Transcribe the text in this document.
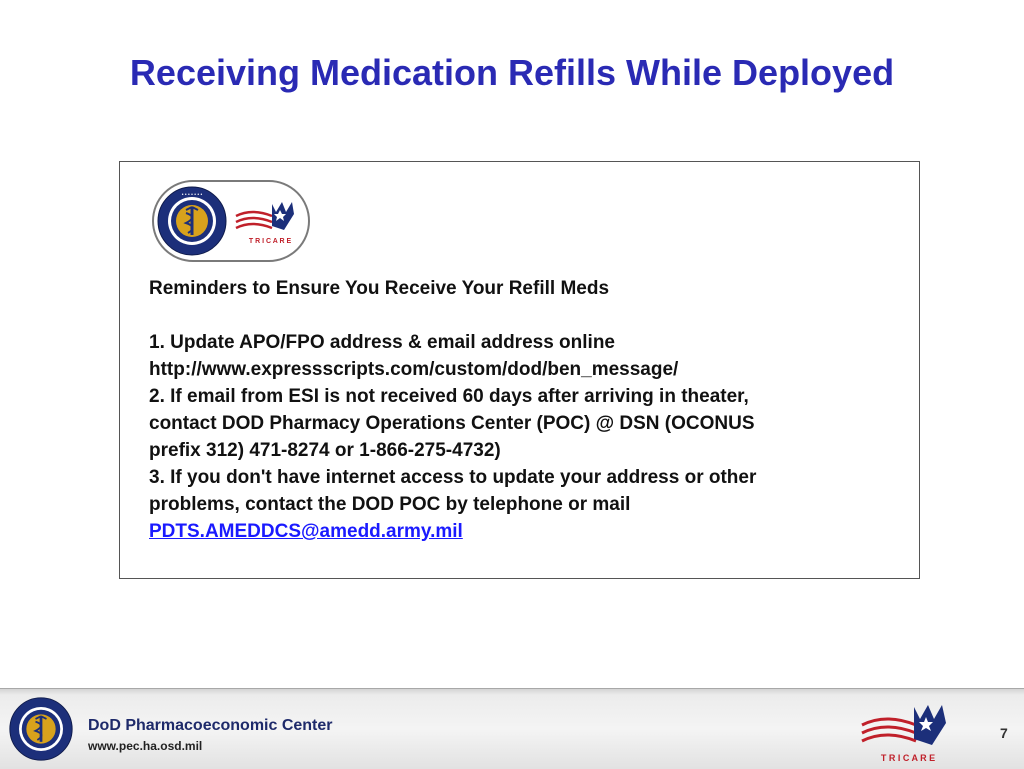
Receiving Medication Refills While Deployed
• • • • • • •
T R I C A R E
Reminders to Ensure You Receive Your Refill Meds
1. Update APO/FPO address & email address online
http://www.expressscripts.com/custom/dod/ben_message/
2. If email from ESI is not received 60 days after arriving in theater,
contact DOD Pharmacy Operations Center (POC) @ DSN (OCONUS
prefix 312) 471-8274 or 1-866-275-4732)
3. If you don't have internet access to update your address or other
problems, contact the DOD POC by telephone or mail
PDTS.AMEDDCS@amedd.army.mil
DoD Pharmacoeconomic Center
www.pec.ha.osd.mil
T R I C A R E
7
